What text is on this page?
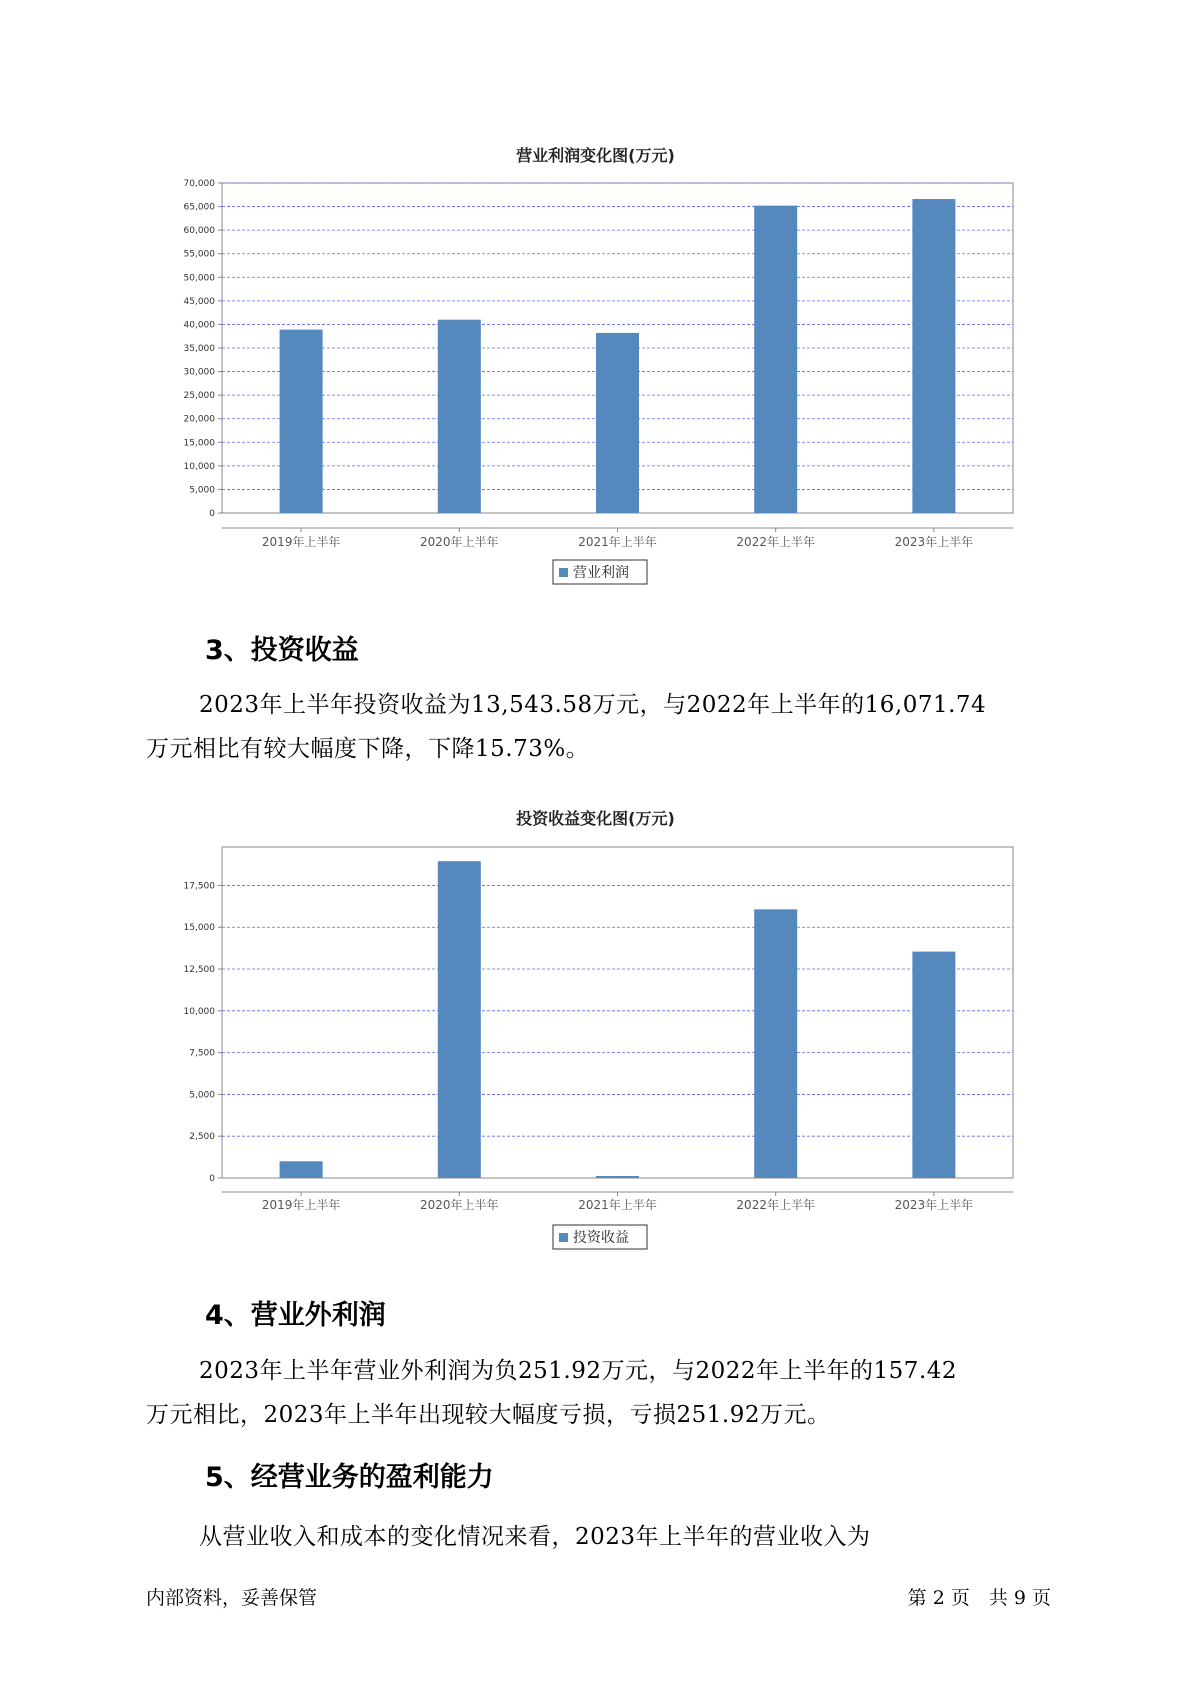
营业利润变化图(万元)
0
5,000
10,000
15,000
20,000
25,000
30,000
35,000
40,000
45,000
50,000
55,000
60,000
65,000
70,000
2019年上半年	2020年上半年	2021年上半年	2022年上半年	2023年上半年
营业利润
3、投资收益
2023年上半年投资收益为13,543.58万元，与2022年上半年的16,071.74
万元相比有较大幅度下降，下降15.73%。
投资收益变化图(万元)
0
2,500
5,000
7,500
10,000
12,500
15,000
17,500
2019年上半年	2020年上半年	2021年上半年	2022年上半年	2023年上半年
投资收益
4、营业外利润
2023年上半年营业外利润为负251.92万元，与2022年上半年的157.42
万元相比，2023年上半年出现较大幅度亏损，亏损251.92万元。
5、经营业务的盈利能力
从营业收入和成本的变化情况来看，2023年上半年的营业收入为
内部资料，妥善保管	第 2 页　共 9 页
